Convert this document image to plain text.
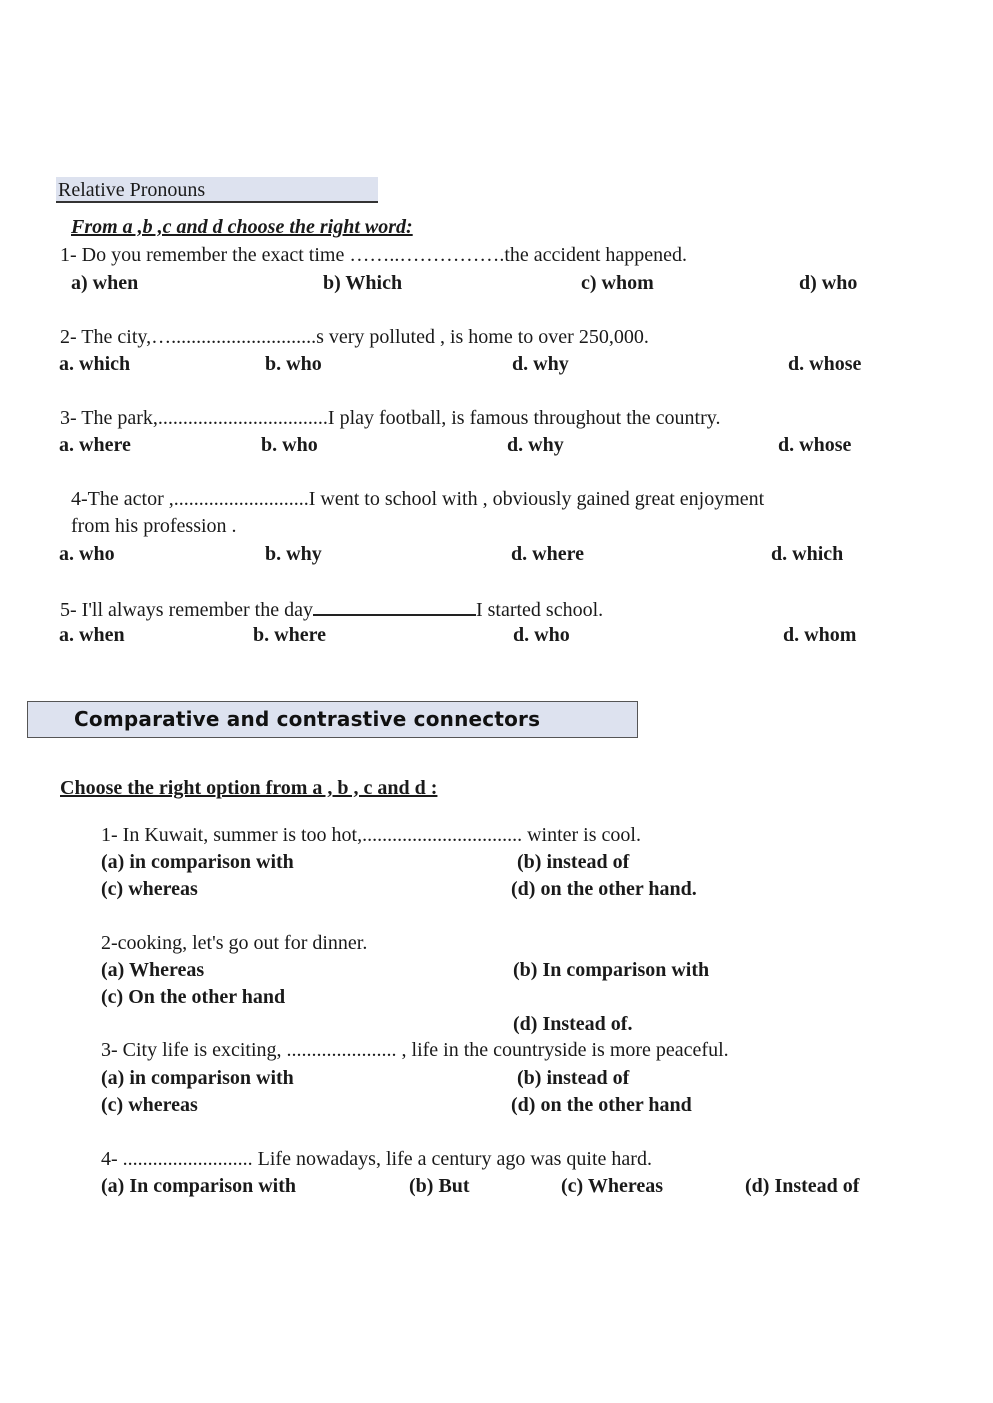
Relative Pronouns
From a ,b ,c and d choose the right word:
1- Do you remember the exact time ……..…………….the accident happened.
a) when	b) Which	c) whom	d) who
2- The city,….............................s very polluted , is home to over 250,000.
a. which	b. who	d. why	d. whose
3- The park,..................................I play football, is famous throughout the country.
a. where	b. who	d. why	d. whose
4-The actor ,...........................I went to school with , obviously gained great enjoyment
from his profession .
a. who	b. why	d. where	d. which
5- I'll always remember the day	I started school.
a. when	b. where	d. who	d. whom
Comparative and contrastive connectors
Choose the right option from a , b , c and d :
1- In Kuwait, summer is too hot,................................ winter is cool.
(a) in comparison with	(b) instead of
(c) whereas	(d) on the other hand.
2-cooking, let's go out for dinner.
(a) Whereas	(b) In comparison with
(c) On the other hand
(d) Instead of.
3- City life is exciting, ...................... , life in the countryside is more peaceful.
(a) in comparison with	(b) instead of
(c) whereas	(d) on the other hand
4- .......................... Life nowadays, life a century ago was quite hard.
(a) In comparison with	(b) But	(c) Whereas	(d) Instead of
